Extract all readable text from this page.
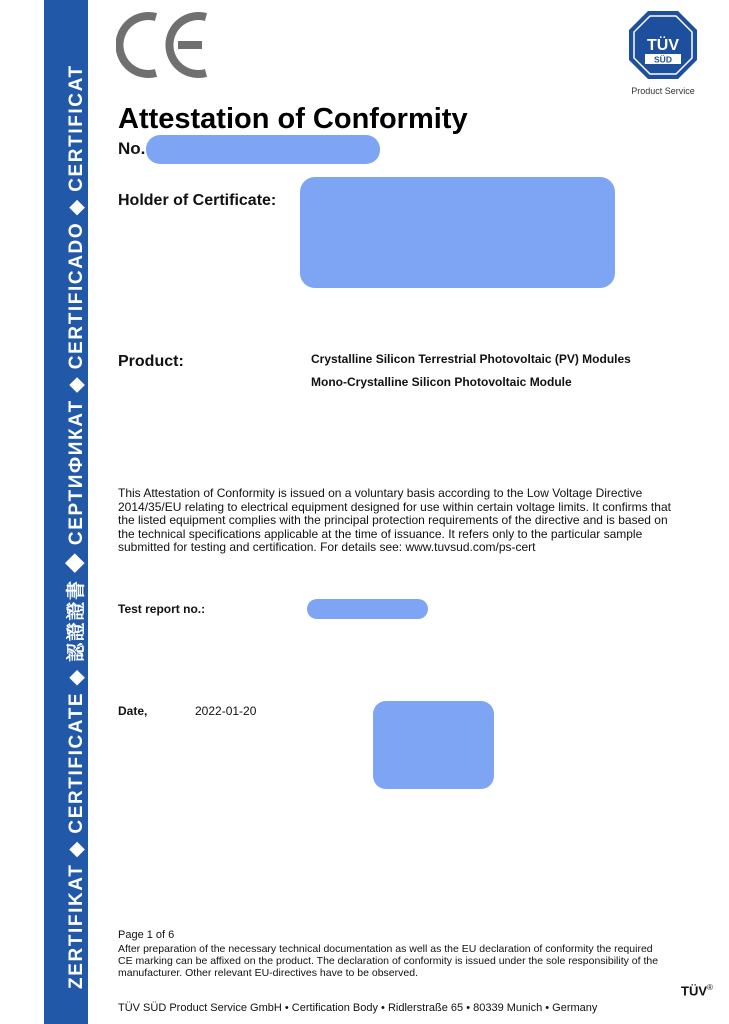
ZERTIFIKAT ◆ CERTIFICATE ◆ 認證證書 ◆ СЕРТИФИКАТ ◆ CERTIFICADO ◆ CERTIFICAT
TÜV
SÜD
Product Service
Attestation of Conformity
No.
Holder of Certificate:
Product:	Crystalline Silicon Terrestrial Photovoltaic (PV) Modules
Mono-Crystalline Silicon Photovoltaic Module

This Attestation of Conformity is issued on a voluntary basis according to the Low Voltage Directive 2014/35/EU relating to electrical equipment designed for use within certain voltage limits. It confirms that the listed equipment complies with the principal protection requirements of the directive and is based on the technical specifications applicable at the time of issuance. It refers only to the particular sample submitted for testing and certification. For details see: www.tuvsud.com/ps-cert

Test report no.:
Date,	2022-01-20
Page 1 of 6

After preparation of the necessary technical documentation as well as the EU declaration of conformity the required CE marking can be affixed on the product. The declaration of conformity is issued under the sole responsibility of the manufacturer. Other relevant EU-directives have to be observed.

TÜV SÜD Product Service GmbH • Certification Body • Ridlerstraße 65 • 80339 Munich • Germany
TÜV®
